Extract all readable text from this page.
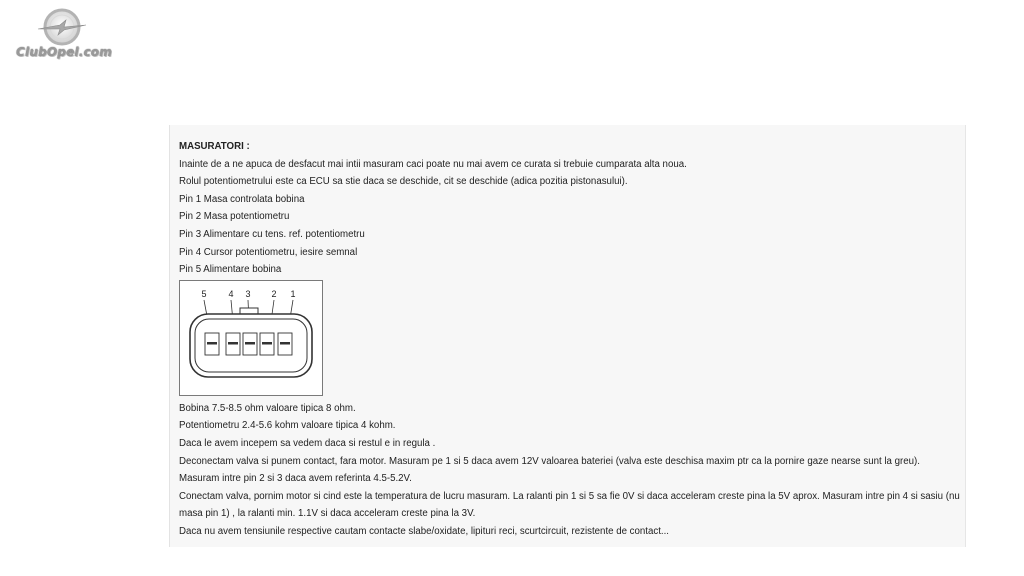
ClubOpel.com
MASURATORI :
Inainte de a ne apuca de desfacut mai intii masuram caci poate nu mai avem ce curata si trebuie cumparata alta noua.
Rolul potentiometrului este ca ECU sa stie daca se deschide, cit se deschide (adica pozitia pistonasului).
Pin 1 Masa controlata bobina
Pin 2 Masa potentiometru
Pin 3 Alimentare cu tens. ref. potentiometru
Pin 4 Cursor potentiometru, iesire semnal
Pin 5 Alimentare bobina
5 4 3 2 1
Bobina 7.5-8.5 ohm valoare tipica 8 ohm.
Potentiometru 2.4-5.6 kohm valoare tipica 4 kohm.
Daca le avem incepem sa vedem daca si restul e in regula .
Deconectam valva si punem contact, fara motor. Masuram pe 1 si 5 daca avem 12V valoarea bateriei (valva este deschisa maxim ptr ca la pornire gaze nearse sunt la greu). Masuram intre pin 2 si 3 daca avem referinta 4.5-5.2V.
Conectam valva, pornim motor si cind este la temperatura de lucru masuram. La ralanti pin 1 si 5 sa fie 0V si daca acceleram creste pina la 5V aprox. Masuram intre pin 4 si sasiu (nu masa pin 1) , la ralanti min. 1.1V si daca acceleram creste pina la 3V.
Daca nu avem tensiunile respective cautam contacte slabe/oxidate, lipituri reci, scurtcircuit, rezistente de contact...
